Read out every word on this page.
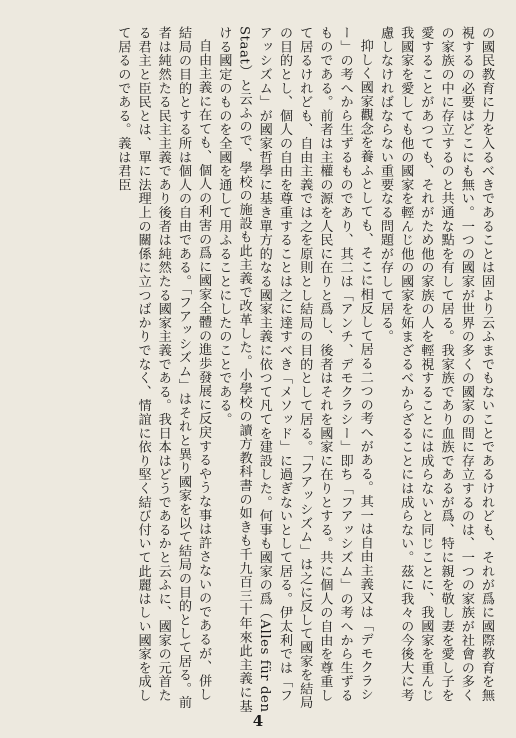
の國民教育に力を入るべきであることは固より云ふまでもないことであるけれども、それが爲に國際教育を無視するの必要はどこにも無い。一つの國家が世界の多くの國家の間に存立するのは、一つの家族が社會の多くの家族の中に存立するのと共通な點を有して居る。我家族であり血族であるが爲、特に親を敬し妻を愛し子を愛することがあつても、それがため他の家族の人を輕視することには成らないと同じことに、我國家を重んじ我國家を愛しても他の國家を輕んじ他の國家を妬まざるべからざることには成らない。茲に我々の今後大に考慮しなければならない重要なる問題が存して居る。

抑しく國家觀念を養ふとしても、そこに相反して居る二つの考へがある。其一は自由主義又は「デモクラシー」の考へから生ずるものであり、其二は「アンチ、デモクラシー」即ち「フアッシズム」の考へから生ずるものである。前者は主權の源を人民に在りと爲し、後者はそれを國家に在りとする。共に個人の自由を尊重して居るけれども、自由主義では之を原則とし結局の目的として居る。「フアッシズム」は之に反して國家を結局の目的とし、個人の自由を尊重することは之に達すべき「メソッド」に過ぎないとして居る。伊太利では「フアッシズム」が國家哲學に基き單方的なる國家主義に依つて凡てを建設した。何事も國家の爲（Alles für den Staat）と云ふので、學校の施設も此主義で改革した。小學校の讀方教科書の如きも千九百三十年來此主義に基ける國定のものを全國を通して用ふることにしたのことである。

自由主義に在ても、個人の利害の爲に國家全體の進歩發展に反戻するやうな事は許さないのであるが、併し結局の目的とする所は個人の自由である。「フアッシズム」はそれと異り國家を以て結局の目的として居る。前者は純然たる民主主義であり後者は純然たる國家主義である。我日本はどうであるかと云ふに、國家の元首たる君主と臣民とは、單に法理上の關係に立つばかりでなく、情誼に依り堅く結び付いて此麗はしい國家を成して居るのである。義は君臣

4
